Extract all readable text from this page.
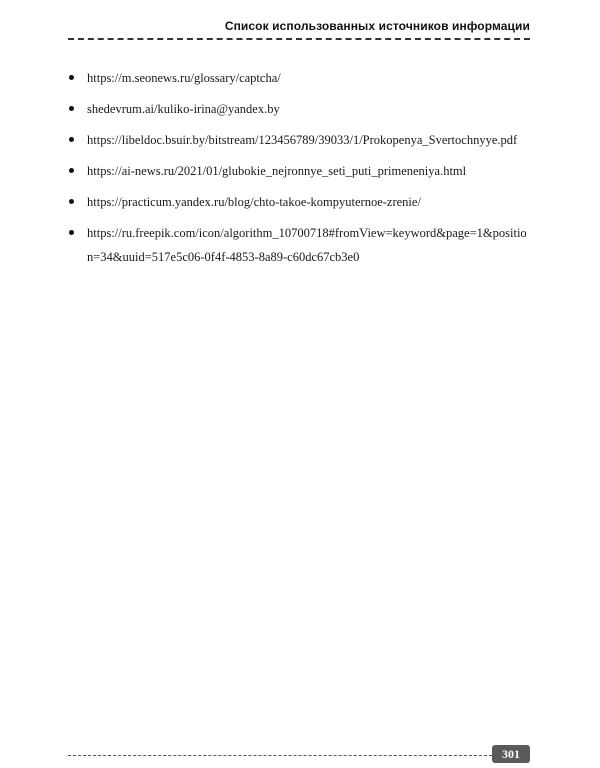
Список использованных источников информации
https://m.seonews.ru/glossary/captcha/
shedevrum.ai/kuliko-irina@yandex.by
https://libeldoc.bsuir.by/bitstream/123456789/39033/1/Prokopenya_Svertochnyye.pdf
https://ai-news.ru/2021/01/glubokie_nejronnye_seti_puti_primeneniya.html
https://practicum.yandex.ru/blog/chto-takoe-kompyuternoe-zrenie/
https://ru.freepik.com/icon/algorithm_10700718#fromView=keyword&page=1&position=34&uuid=517e5c06-0f4f-4853-8a89-c60dc67cb3e0
301
